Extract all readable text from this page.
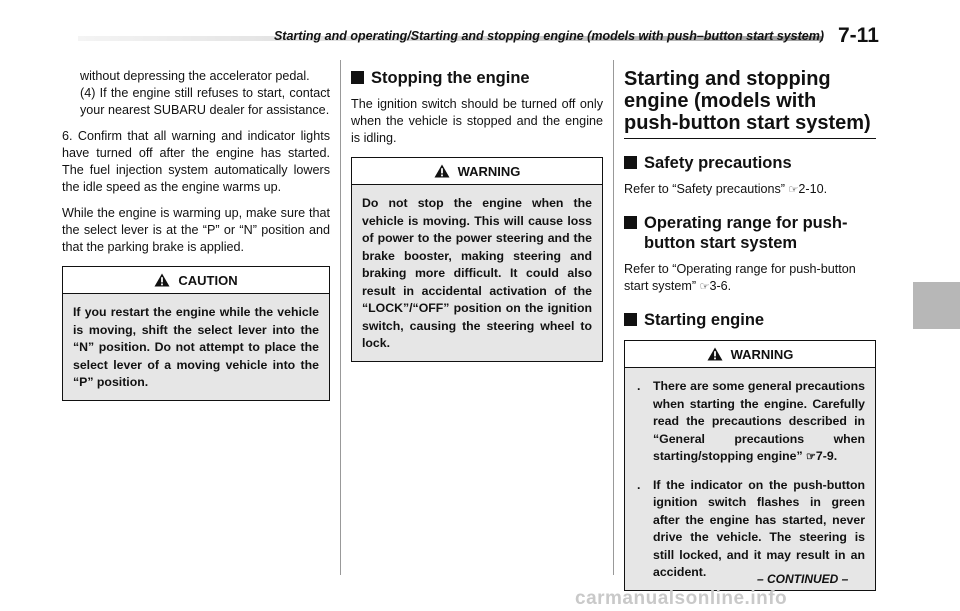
Starting and operating/Starting and stopping engine (models with push–button start system) 7-11

without depressing the accelerator pedal.

(4) If the engine still refuses to start, contact your nearest SUBARU dealer for assistance.

6. Confirm that all warning and indicator lights have turned off after the engine has started. The fuel injection system automatically lowers the idle speed as the engine warms up.

While the engine is warming up, make sure that the select lever is at the “P” or “N” position and that the parking brake is applied.

CAUTION

If you restart the engine while the vehicle is moving, shift the select lever into the “N” position. Do not attempt to place the select lever of a moving vehicle into the “P” position.

Stopping the engine

The ignition switch should be turned off only when the vehicle is stopped and the engine is idling.

WARNING

Do not stop the engine when the vehicle is moving. This will cause loss of power to the power steering and the brake booster, making steering and braking more difficult. It could also result in accidental activation of the “LOCK”/“OFF” position on the ignition switch, causing the steering wheel to lock.

Starting and stopping engine (models with push-button start system)
Safety precautions

Refer to “Safety precautions” ☞2-10.

Operating range for push-button start system

Refer to “Operating range for push-button start system” ☞3-6.

Starting engine
WARNING

. There are some general precautions when starting the engine. Carefully read the precautions described in “General precautions when starting/stopping engine” ☞7-9.

. If the indicator on the push-button ignition switch flashes in green after the engine has started, never drive the vehicle. The steering is still locked, and it may result in an accident.	– CONTINUED –
carmanualsonline.info
